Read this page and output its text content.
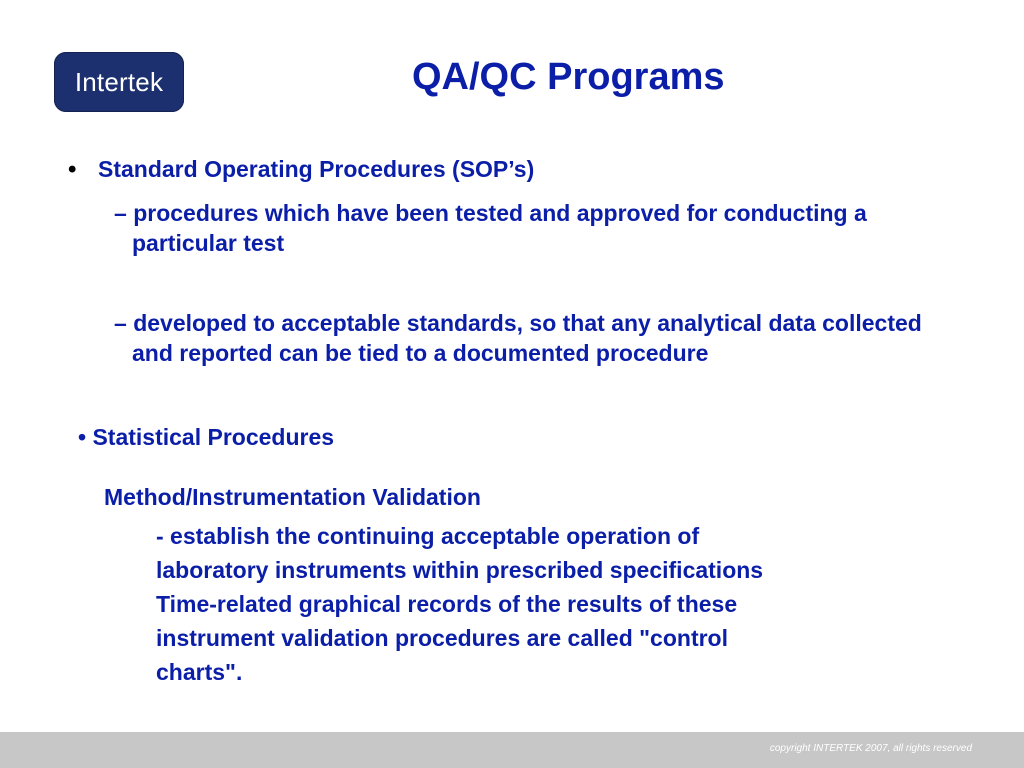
Intertek	QA/QC Programs
• Standard Operating Procedures (SOP’s)
– procedures which have been tested and approved for conducting a particular test
– developed to acceptable standards, so that any analytical data collected and reported can be tied to a documented procedure
• Statistical Procedures
Method/Instrumentation Validation
- establish the continuing acceptable operation of
laboratory instruments within prescribed specifications
Time-related graphical records of the results of these
instrument validation procedures are called "control
charts".
copyright INTERTEK 2007, all rights reserved
